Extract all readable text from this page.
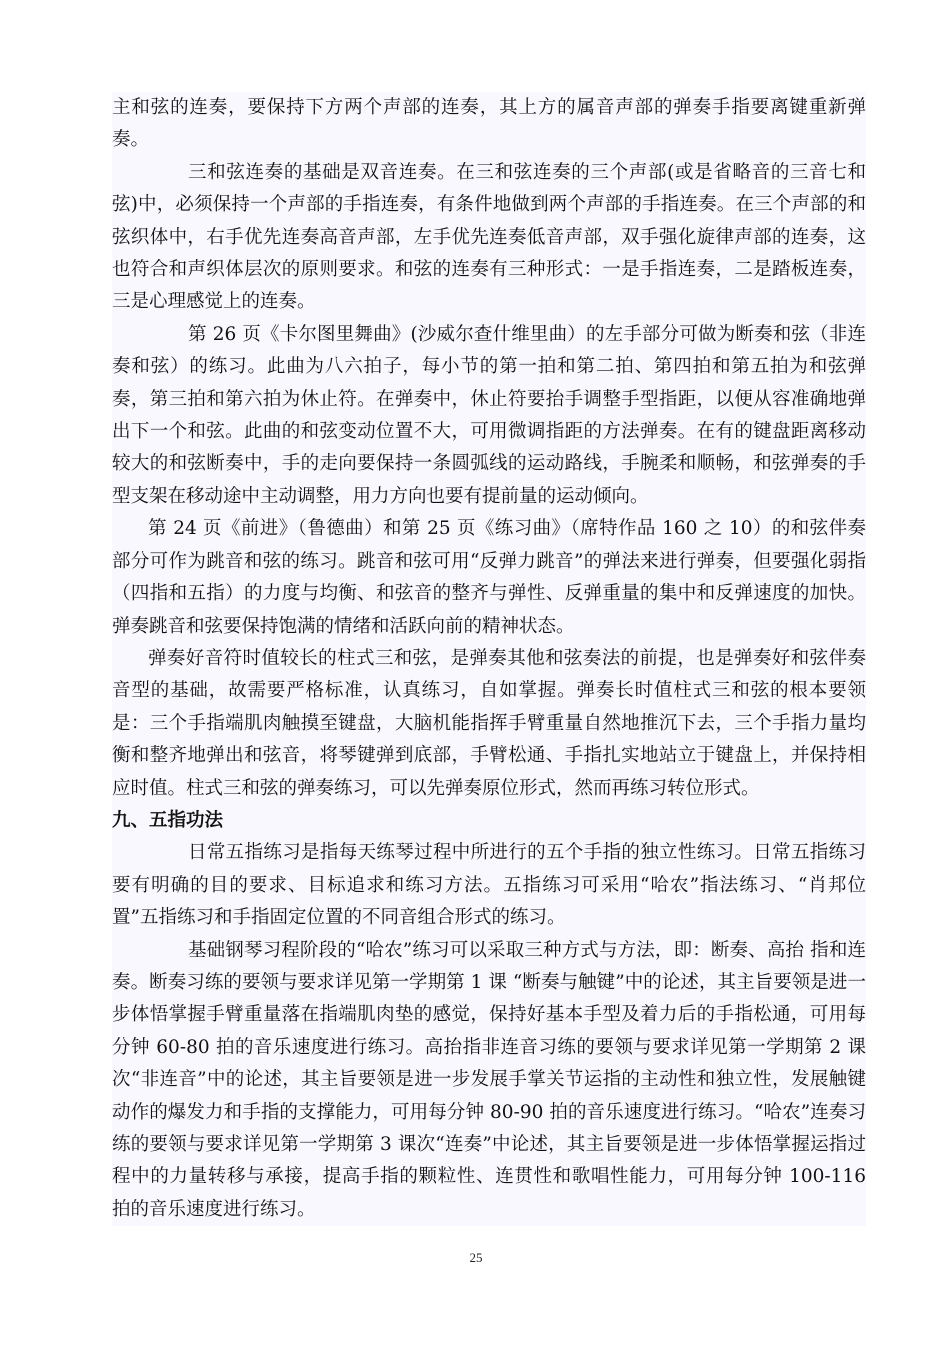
主和弦的连奏，要保持下方两个声部的连奏，其上方的属音声部的弹奏手指要离键重新弹奏。

三和弦连奏的基础是双音连奏。在三和弦连奏的三个声部(或是省略音的三音七和弦)中，必须保持一个声部的手指连奏，有条件地做到两个声部的手指连奏。在三个声部的和弦织体中，右手优先连奏高音声部，左手优先连奏低音声部，双手强化旋律声部的连奏，这也符合和声织体层次的原则要求。和弦的连奏有三种形式：一是手指连奏，二是踏板连奏，三是心理感觉上的连奏。

第 26 页《卡尔图里舞曲》(沙威尔查什维里曲）的左手部分可做为断奏和弦（非连奏和弦）的练习。此曲为八六拍子，每小节的第一拍和第二拍、第四拍和第五拍为和弦弹奏，第三拍和第六拍为休止符。在弹奏中，休止符要抬手调整手型指距，以便从容准确地弹出下一个和弦。此曲的和弦变动位置不大，可用微调指距的方法弹奏。在有的键盘距离移动较大的和弦断奏中，手的走向要保持一条圆弧线的运动路线，手腕柔和顺畅，和弦弹奏的手型支架在移动途中主动调整，用力方向也要有提前量的运动倾向。

第 24 页《前进》（鲁德曲）和第 25 页《练习曲》（席特作品 160 之 10）的和弦伴奏部分可作为跳音和弦的练习。跳音和弦可用“反弹力跳音”的弹法来进行弹奏，但要强化弱指（四指和五指）的力度与均衡、和弦音的整齐与弹性、反弹重量的集中和反弹速度的加快。弹奏跳音和弦要保持饱满的情绪和活跃向前的精神状态。

弹奏好音符时值较长的柱式三和弦，是弹奏其他和弦奏法的前提，也是弹奏好和弦伴奏音型的基础，故需要严格标准，认真练习，自如掌握。弹奏长时值柱式三和弦的根本要领是：三个手指端肌肉触摸至键盘，大脑机能指挥手臂重量自然地推沉下去，三个手指力量均衡和整齐地弹出和弦音，将琴键弹到底部，手臂松通、手指扎实地站立于键盘上，并保持相应时值。柱式三和弦的弹奏练习，可以先弹奏原位形式，然而再练习转位形式。

九、五指功法

日常五指练习是指每天练琴过程中所进行的五个手指的独立性练习。日常五指练习要有明确的目的要求、目标追求和练习方法。五指练习可采用“哈农”指法练习、“肖邦位置”五指练习和手指固定位置的不同音组合形式的练习。

基础钢琴习程阶段的“哈农”练习可以采取三种方式与方法，即：断奏、高抬 指和连奏。断奏习练的要领与要求详见第一学期第 1 课 “断奏与触键”中的论述，其主旨要领是进一步体悟掌握手臂重量落在指端肌肉垫的感觉，保持好基本手型及着力后的手指松通，可用每分钟 60-80 拍的音乐速度进行练习。高抬指非连音习练的要领与要求详见第一学期第 2 课次“非连音”中的论述，其主旨要领是进一步发展手掌关节运指的主动性和独立性，发展触键动作的爆发力和手指的支撑能力，可用每分钟 80-90 拍的音乐速度进行练习。“哈农”连奏习练的要领与要求详见第一学期第 3 课次“连奏”中论述，其主旨要领是进一步体悟掌握运指过程中的力量转移与承接，提高手指的颗粒性、连贯性和歌唱性能力，可用每分钟 100-116 拍的音乐速度进行练习。

25
